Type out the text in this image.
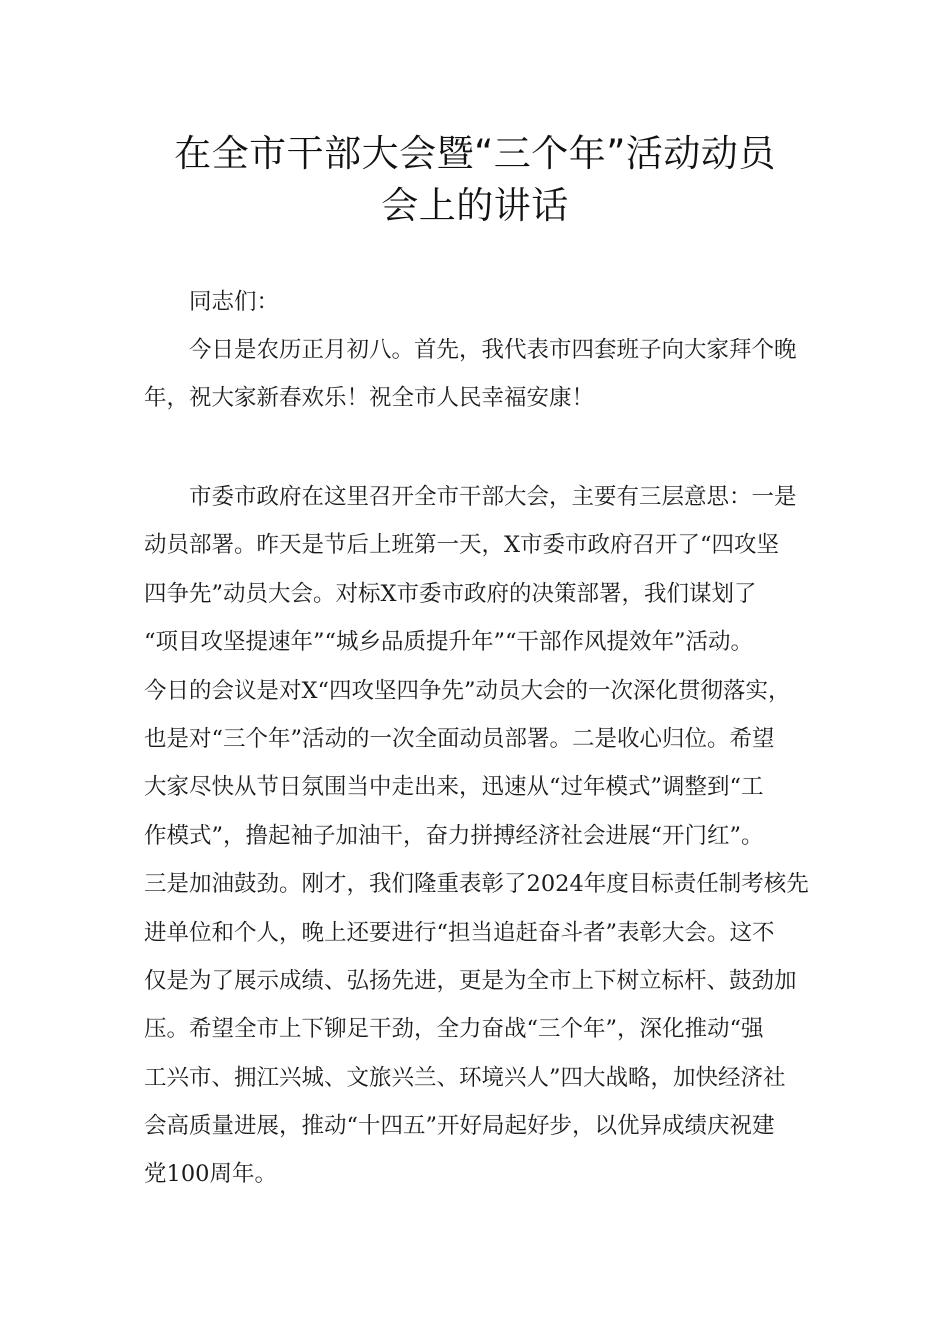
在全市干部大会暨“三个年”活动动员
会上的讲话
　　同志们：
　　今日是农历正月初八。首先，我代表市四套班子向大家拜个晚
年，祝大家新春欢乐！祝全市人民幸福安康！
　　市委市政府在这里召开全市干部大会，主要有三层意思：一是
动员部署。昨天是节后上班第一天，X市委市政府召开了“四攻坚
四争先”动员大会。对标X市委市政府的决策部署，我们谋划了
“项目攻坚提速年”“城乡品质提升年”“干部作风提效年”活动。
今日的会议是对X“四攻坚四争先”动员大会的一次深化贯彻落实，
也是对“三个年”活动的一次全面动员部署。二是收心归位。希望
大家尽快从节日氛围当中走出来，迅速从“过年模式”调整到“工
作模式”，撸起袖子加油干，奋力拼搏经济社会进展“开门红”。
三是加油鼓劲。刚才，我们隆重表彰了2024年度目标责任制考核先
进单位和个人，晚上还要进行“担当追赶奋斗者”表彰大会。这不
仅是为了展示成绩、弘扬先进，更是为全市上下树立标杆、鼓劲加
压。希望全市上下铆足干劲，全力奋战“三个年”，深化推动“强
工兴市、拥江兴城、文旅兴兰、环境兴人”四大战略，加快经济社
会高质量进展，推动“十四五”开好局起好步，以优异成绩庆祝建
党100周年。
